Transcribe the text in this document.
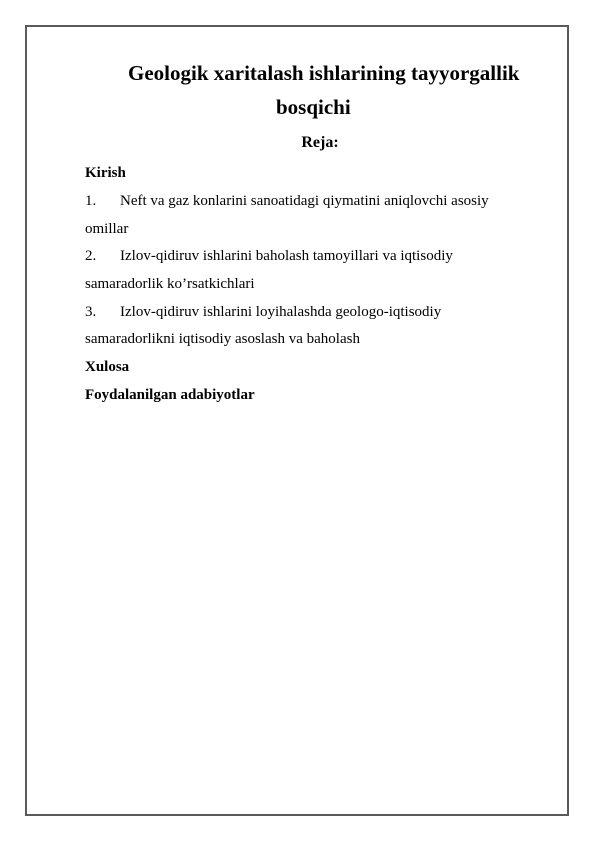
Geologik xaritalash ishlarining tayyorgallik
bosqichi
Reja:
Kirish
1. Neft va gaz konlarini sanoatidagi qiymatini aniqlovchi asosiy
omillar
2. Izlov-qidiruv ishlarini baholash tamoyillari va iqtisodiy
samaradorlik ko’rsatkichlari
3. Izlov-qidiruv ishlarini loyihalashda geologo-iqtisodiy
samaradorlikni iqtisodiy asoslash va baholash
Xulosa
Foydalanilgan adabiyotlar
